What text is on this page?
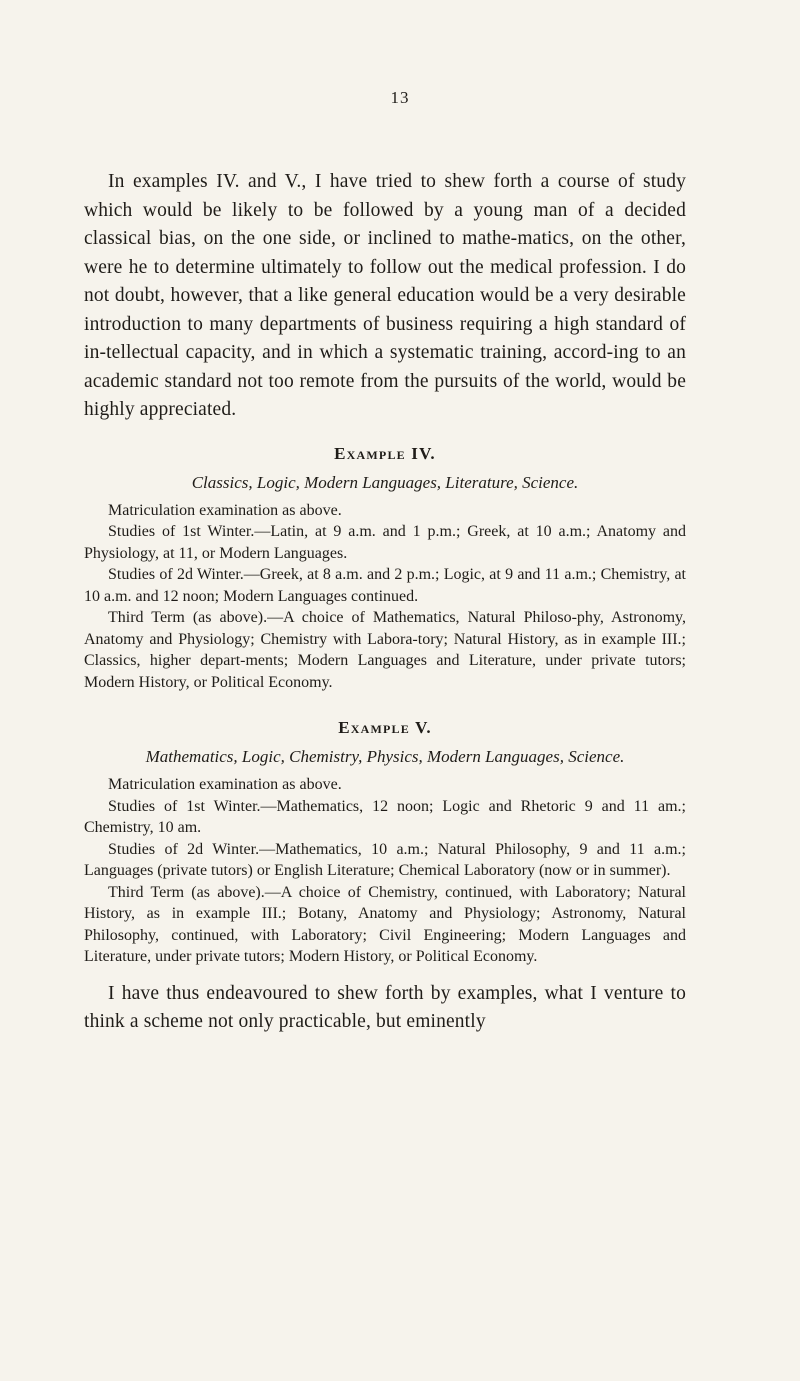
13

In examples IV. and V., I have tried to shew forth a course of study which would be likely to be followed by a young man of a decided classical bias, on the one side, or inclined to mathe-matics, on the other, were he to determine ultimately to follow out the medical profession. I do not doubt, however, that a like general education would be a very desirable introduction to many departments of business requiring a high standard of in-tellectual capacity, and in which a systematic training, accord-ing to an academic standard not too remote from the pursuits of the world, would be highly appreciated.

Example IV.

Classics, Logic, Modern Languages, Literature, Science.

Matriculation examination as above.

Studies of 1st Winter.—Latin, at 9 a.m. and 1 p.m.; Greek, at 10 a.m.; Anatomy and Physiology, at 11, or Modern Languages.

Studies of 2d Winter.—Greek, at 8 a.m. and 2 p.m.; Logic, at 9 and 11 a.m.; Chemistry, at 10 a.m. and 12 noon; Modern Languages continued.

Third Term (as above).—A choice of Mathematics, Natural Philoso-phy, Astronomy, Anatomy and Physiology; Chemistry with Labora-tory; Natural History, as in example III.; Classics, higher depart-ments; Modern Languages and Literature, under private tutors; Modern History, or Political Economy.

Example V.

Mathematics, Logic, Chemistry, Physics, Modern Languages, Science.

Matriculation examination as above.

Studies of 1st Winter.—Mathematics, 12 noon; Logic and Rhetoric 9 and 11 am.; Chemistry, 10 am.

Studies of 2d Winter.—Mathematics, 10 a.m.; Natural Philosophy, 9 and 11 a.m.; Languages (private tutors) or English Literature; Chemical Laboratory (now or in summer).

Third Term (as above).—A choice of Chemistry, continued, with Laboratory; Natural History, as in example III.; Botany, Anatomy and Physiology; Astronomy, Natural Philosophy, continued, with Laboratory; Civil Engineering; Modern Languages and Literature, under private tutors; Modern History, or Political Economy.

I have thus endeavoured to shew forth by examples, what I venture to think a scheme not only practicable, but eminently
